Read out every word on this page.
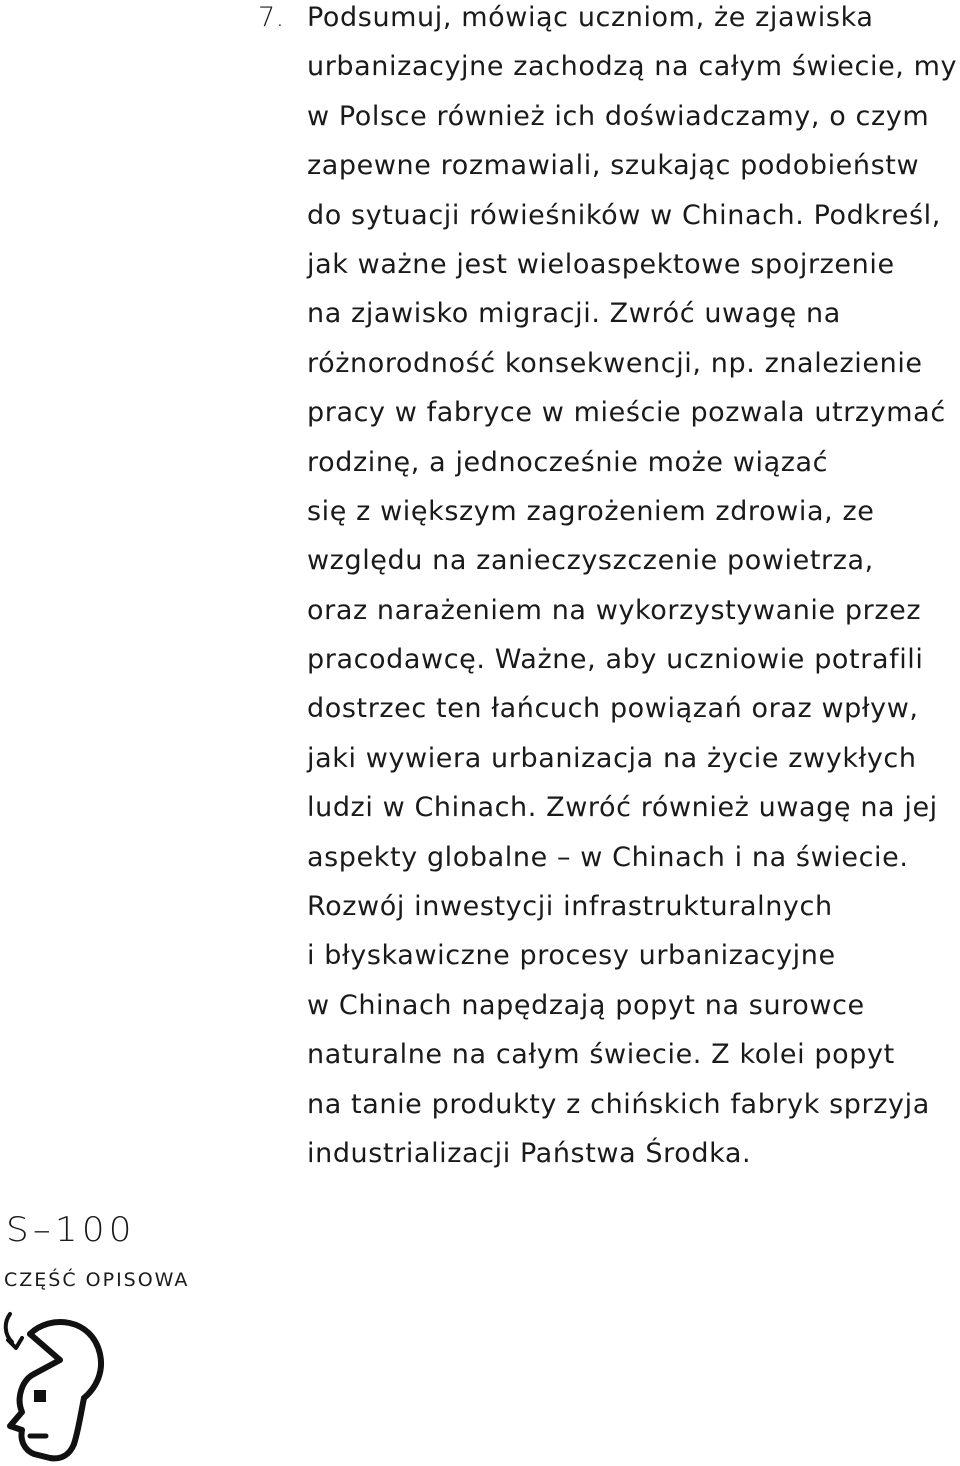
7. Podsumuj, mówiąc uczniom, że zjawiska
urbanizacyjne zachodzą na całym świecie, my
w Polsce również ich doświadczamy, o czym
zapewne rozmawiali, szukając podobieństw
do sytuacji rówieśników w Chinach. Podkreśl,
jak ważne jest wieloaspektowe spojrzenie
na zjawisko migracji. Zwróć uwagę na
różnorodność konsekwencji, np. znalezienie
pracy w fabryce w mieście pozwala utrzymać
rodzinę, a jednocześnie może wiązać
się z większym zagrożeniem zdrowia, ze
względu na zanieczyszczenie powietrza,
oraz narażeniem na wykorzystywanie przez
pracodawcę. Ważne, aby uczniowie potrafili
dostrzec ten łańcuch powiązań oraz wpływ,
jaki wywiera urbanizacja na życie zwykłych
ludzi w Chinach. Zwróć również uwagę na jej
aspekty globalne – w Chinach i na świecie.
Rozwój inwestycji infrastrukturalnych
i błyskawiczne procesy urbanizacyjne
w Chinach napędzają popyt na surowce
naturalne na całym świecie. Z kolei popyt
na tanie produkty z chińskich fabryk sprzyja
industrializacji Państwa Środka.
S–100
CZĘŚĆ OPISOWA
